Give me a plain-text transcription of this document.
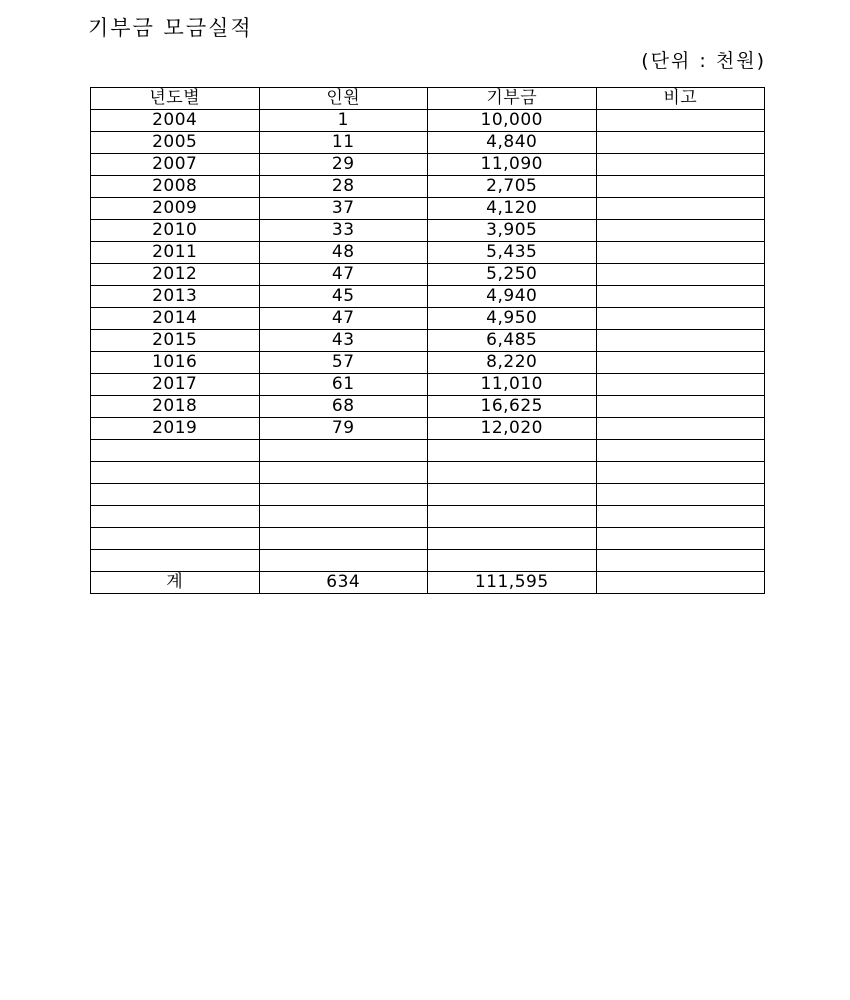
기부금 모금실적
(단위 : 천원)
년도별	인원	기부금	비고
2004	1	10,000	
2005	11	4,840	
2007	29	11,090	
2008	28	2,705	
2009	37	4,120	
2010	33	3,905	
2011	48	5,435	
2012	47	5,250	
2013	45	4,940	
2014	47	4,950	
2015	43	6,485	
1016	57	8,220	
2017	61	11,010	
2018	68	16,625	
2019	79	12,020	

계	634	111,595	
